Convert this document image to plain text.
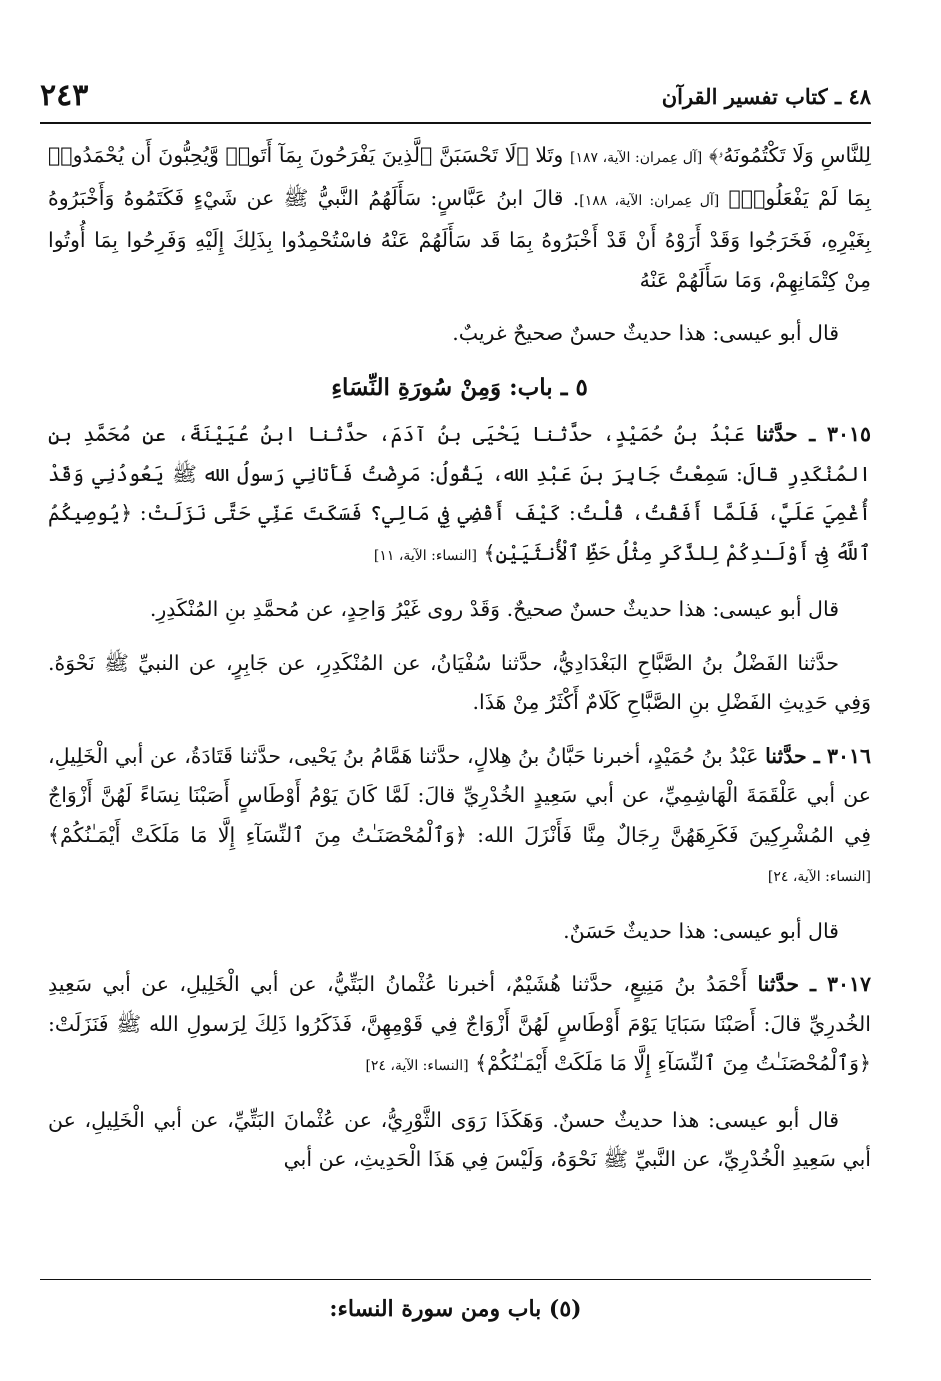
٤٨ ـ كتاب تفسير القرآن
٢٤٣

لِلنَّاسِ وَلَا تَكْتُمُونَهُۥ﴾ [آل عِمران: الآية، ١٨٧] وتَلا ﴿لَا تَحْسَبَنَّ ٱلَّذِينَ يَفْرَحُونَ بِمَآ أَتَوا۟ وَّيُحِبُّونَ أَن يُحْمَدُوا۟ بِمَا لَمْ يَفْعَلُوا۟﴾ [آل عِمران: الآية، ١٨٨]. قالَ ابنُ عَبَّاسٍ: سَأَلَهُمُ النَّبيُّ ﷺ عن شَيْءٍ فَكَتَمُوهُ وَأَخْبَرُوهُ بِغَيْرِهِ، فَخَرَجُوا وَقَدْ أَرَوْهُ أَنْ قَدْ أَخْبَرُوهُ بِمَا قَد سَأَلَهُمْ عَنْهُ فاسْتُحْمِدُوا بِذَلِكَ إِلَيْهِ وَفَرِحُوا بِمَا أُوتُوا مِنْ كِتْمَانِهِمْ، وَمَا سَأَلَهُمْ عَنْهُ

قال أبو عيسى: هذا حديثٌ حسنٌ صحيحٌ غريبٌ.

٥ ـ باب: وَمِنْ سُورَةِ النِّسَاءِ

٣٠١٥ ـ حدَّثنا عَبْدُ بنُ حُمَيْدٍ، حدَّثنا يَحْيَى بنُ آدَمَ، حدَّثنا ابنُ عُيَيْنَةَ، عن مُحَمَّدِ بنِ المُنْكَدِرِ قالَ: سَمِعْتُ جَابِرَ بنَ عَبْدِ الله، يَقُولُ: مَرِضْتُ فَأَتانِي رَسولُ الله ﷺ يَعُودُنِي وَقَدْ أُغْمِيَ عَلَيَّ، فَلَمَّا أَفَقْتُ، قُلْتُ: كَيْفَ أَقْضِي فِي مَالِي؟ فَسَكَتَ عَنِّي حَتَّى نَزَلَتْ: ﴿يُوصِيكُمُ ٱللَّهُ فِىٓ أَوْلَـٰدِكُمْ لِلذَّكَرِ مِثْلُ حَظِّ ٱلْأُنثَيَيْنِ﴾ [النساء: الآية، ١١]

قال أبو عيسى: هذا حديثٌ حسنٌ صحيحٌ. وَقَدْ روى غَيْرُ وَاحِدٍ، عن مُحمَّدِ بنِ المُنْكَدِرِ.

حدَّثنا الفَضْلُ بنُ الصَّبَّاحِ البَغْدَادِيُّ، حدَّثنا سُفْيَانُ، عن المُنْكَدِرِ، عن جَابِرٍ، عن النبيِّ ﷺ نَحْوَهُ. وَفِي حَدِيثِ الفَضْلِ بنِ الصَّبَّاحِ كَلَامٌ أَكْثَرُ مِنْ هَذَا.

٣٠١٦ ـ حدَّثنا عَبْدُ بنُ حُمَيْدٍ، أخبرنا حَبَّانُ بنُ هِلالٍ، حدَّثنا هَمَّامُ بنُ يَحْيى، حدَّثنا قَتَادَةُ، عن أبي الْخَلِيلِ، عن أبي عَلْقَمَةَ الْهَاشِمِيِّ، عن أبي سَعِيدٍ الخُدْرِيِّ قالَ: لَمَّا كَانَ يَوْمُ أَوْطَاسٍ أَصَبْنَا نِسَاءً لَهُنَّ أَزْوَاجٌ فِي المُشْرِكِينَ فَكَرِهَهُنَّ رِجَالٌ مِنَّا فَأَنْزَلَ الله: ﴿وَٱلْمُحْصَنَـٰتُ مِنَ ٱلنِّسَآءِ إِلَّا مَا مَلَكَتْ أَيْمَـٰنُكُمْ﴾ [النساء: الآية، ٢٤]

قال أبو عيسى: هذا حديثٌ حَسَنٌ.

٣٠١٧ ـ حدَّثنا أَحْمَدُ بنُ مَنِيعٍ، حدَّثنا هُشَيْمٌ، أخبرنا عُثْمانُ البَتِّيُّ، عن أبي الْخَلِيلِ، عن أبي سَعِيدِ الخُدرِيِّ قالَ: أَصَبْنَا سَبَايَا يَوْمَ أَوْطَاسٍ لَهُنَّ أَزْوَاجٌ فِي قَوْمِهِنَّ، فَذَكَرُوا ذَلِكَ لِرَسولِ الله ﷺ فَنَزَلَتْ: ﴿وَٱلْمُحْصَنَـٰتُ مِنَ ٱلنِّسَآءِ إِلَّا مَا مَلَكَتْ أَيْمَـٰنُكُمْ﴾ [النساء: الآية، ٢٤]

قال أبو عيسى: هذا حديثٌ حسنٌ. وَهَكَذَا رَوَى الثَّوْرِيُّ، عن عُثْمانَ البَتِّيِّ، عن أبي الْخَلِيلِ، عن أبي سَعِيدِ الْخُدْرِيِّ، عن النَّبيِّ ﷺ نَحْوَهُ، وَلَيْسَ فِي هَذَا الْحَدِيثِ، عن أبي

(٥) باب ومن سورة النساء:
